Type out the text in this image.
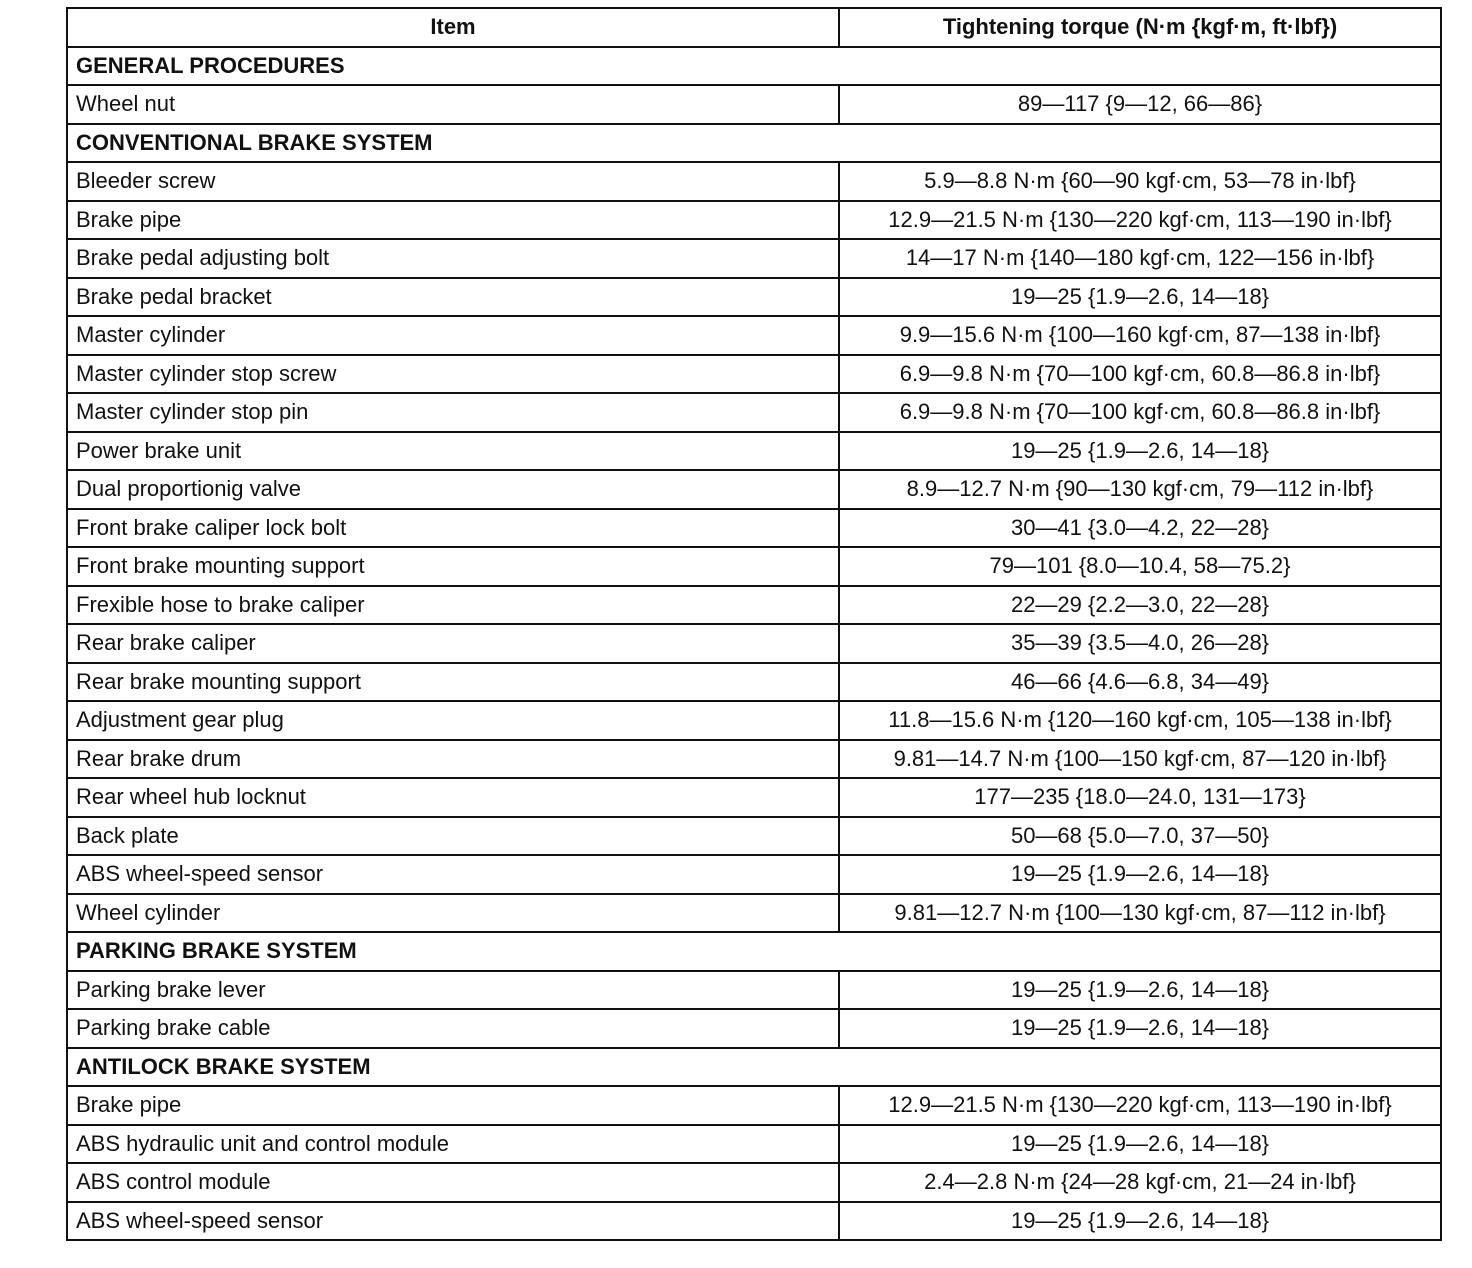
Item	Tightening torque (N·m {kgf·m, ft·lbf})
GENERAL PROCEDURES	
Wheel nut	89—117 {9—12, 66—86}
CONVENTIONAL BRAKE SYSTEM	
Bleeder screw	5.9—8.8 N·m {60—90 kgf·cm, 53—78 in·lbf}
Brake pipe	12.9—21.5 N·m {130—220 kgf·cm, 113—190 in·lbf}
Brake pedal adjusting bolt	14—17 N·m {140—180 kgf·cm, 122—156 in·lbf}
Brake pedal bracket	19—25 {1.9—2.6, 14—18}
Master cylinder	9.9—15.6 N·m {100—160 kgf·cm, 87—138 in·lbf}
Master cylinder stop screw	6.9—9.8 N·m {70—100 kgf·cm, 60.8—86.8 in·lbf}
Master cylinder stop pin	6.9—9.8 N·m {70—100 kgf·cm, 60.8—86.8 in·lbf}
Power brake unit	19—25 {1.9—2.6, 14—18}
Dual proportionig valve	8.9—12.7 N·m {90—130 kgf·cm, 79—112 in·lbf}
Front brake caliper lock bolt	30—41 {3.0—4.2, 22—28}
Front brake mounting support	79—101 {8.0—10.4, 58—75.2}
Frexible hose to brake caliper	22—29 {2.2—3.0, 22—28}
Rear brake caliper	35—39 {3.5—4.0, 26—28}
Rear brake mounting support	46—66 {4.6—6.8, 34—49}
Adjustment gear plug	11.8—15.6 N·m {120—160 kgf·cm, 105—138 in·lbf}
Rear brake drum	9.81—14.7 N·m {100—150 kgf·cm, 87—120 in·lbf}
Rear wheel hub locknut	177—235 {18.0—24.0, 131—173}
Back plate	50—68 {5.0—7.0, 37—50}
ABS wheel-speed sensor	19—25 {1.9—2.6, 14—18}
Wheel cylinder	9.81—12.7 N·m {100—130 kgf·cm, 87—112 in·lbf}
PARKING BRAKE SYSTEM	
Parking brake lever	19—25 {1.9—2.6, 14—18}
Parking brake cable	19—25 {1.9—2.6, 14—18}
ANTILOCK BRAKE SYSTEM	
Brake pipe	12.9—21.5 N·m {130—220 kgf·cm, 113—190 in·lbf}
ABS hydraulic unit and control module	19—25 {1.9—2.6, 14—18}
ABS control module	2.4—2.8 N·m {24—28 kgf·cm, 21—24 in·lbf}
ABS wheel-speed sensor	19—25 {1.9—2.6, 14—18}
